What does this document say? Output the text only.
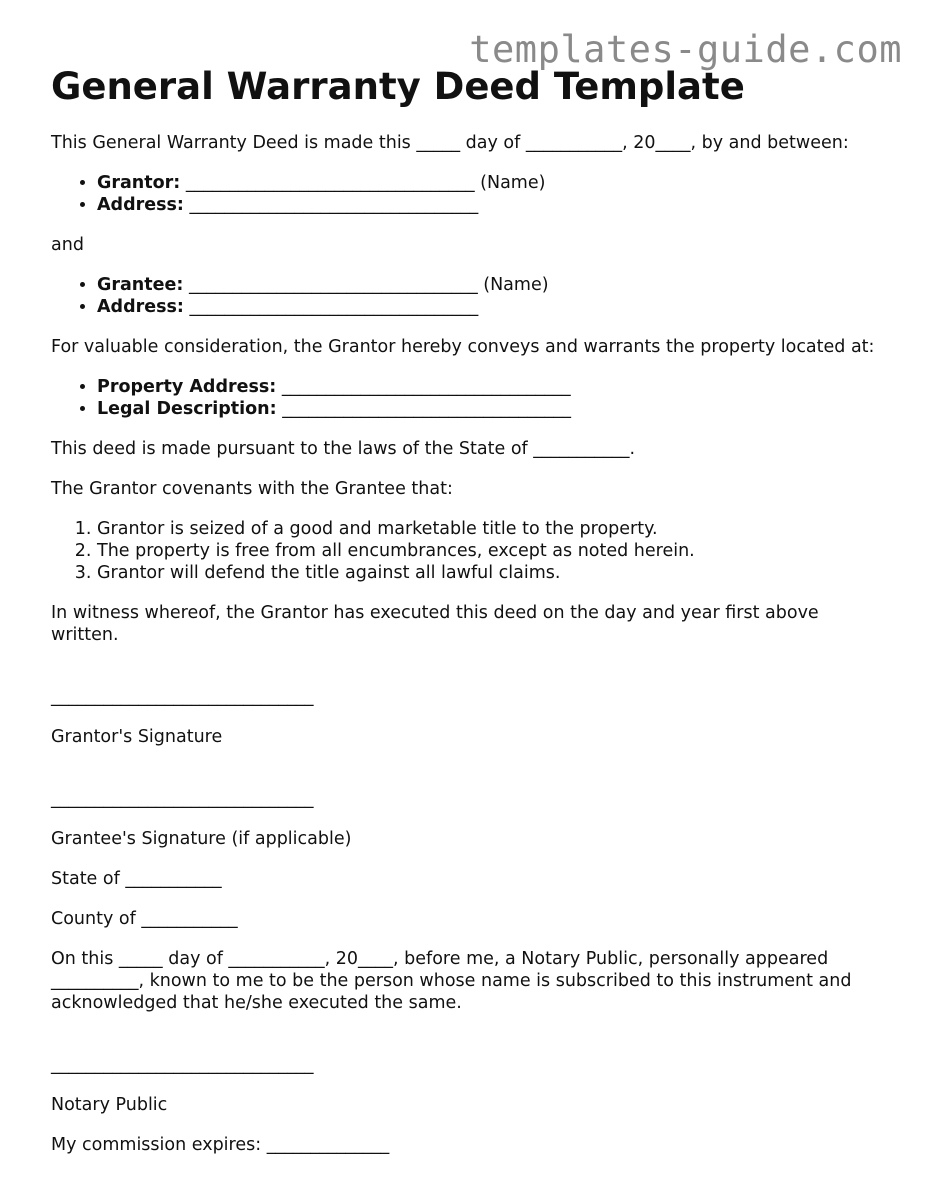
templates-guide.com
General Warranty Deed Template

This General Warranty Deed is made this _____ day of ___________, 20____, by and between:

• Grantor: _________________________________ (Name)
• Address: _________________________________

and

• Grantee: _________________________________ (Name)
• Address: _________________________________

For valuable consideration, the Grantor hereby conveys and warrants the property located at:

• Property Address: _________________________________
• Legal Description: _________________________________

This deed is made pursuant to the laws of the State of ___________.

The Grantor covenants with the Grantee that:

1. Grantor is seized of a good and marketable title to the property.
2. The property is free from all encumbrances, except as noted herein.
3. Grantor will defend the title against all lawful claims.

In witness whereof, the Grantor has executed this deed on the day and year first above written.

______________________________

Grantor's Signature

______________________________

Grantee's Signature (if applicable)

State of ___________

County of ___________

On this _____ day of ___________, 20____, before me, a Notary Public, personally appeared __________, known to me to be the person whose name is subscribed to this instrument and acknowledged that he/she executed the same.

______________________________

Notary Public

My commission expires: ______________
